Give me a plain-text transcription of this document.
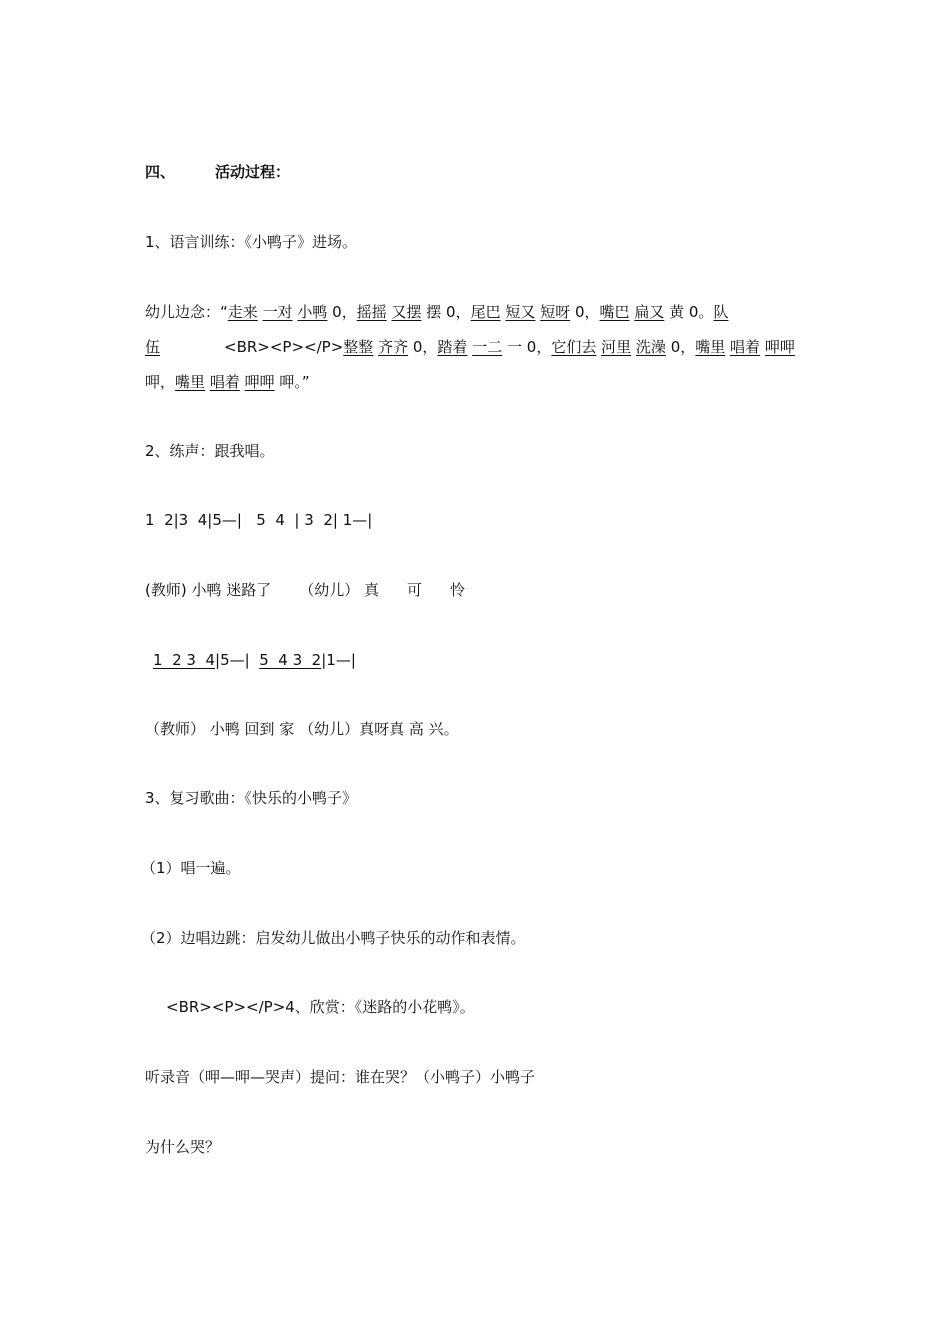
四、	活动过程：
1、语言训练：《小鸭子》进场。
幼儿边念：“走来 一对 小鸭 0，摇摇 又摆 摆 0，尾巴 短又 短呀 0，嘴巴 扁又 黄 0。队
伍	<BR><P></P>整整 齐齐 0，踏着 一二 一 0，它们去 河里 洗澡 0，嘴里 唱着 呷呷
呷，嘴里 唱着 呷呷 呷。”
2、练声：跟我唱。
1  2|3  4|5—|   5  4  | 3  2| 1—|
(教师) 小鸭 迷路了 （幼儿） 真 可 怜
1  2 3  4|5—|  5  4 3  2|1—|
（教师） 小鸭 回到 家 （幼儿）真呀真 高 兴。
3、复习歌曲：《快乐的小鸭子》
（1）唱一遍。
（2）边唱边跳：启发幼儿做出小鸭子快乐的动作和表情。
<BR><P></P>4、欣赏：《迷路的小花鸭》。
听录音（呷—呷—哭声）提问：谁在哭？（小鸭子）小鸭子
为什么哭？
